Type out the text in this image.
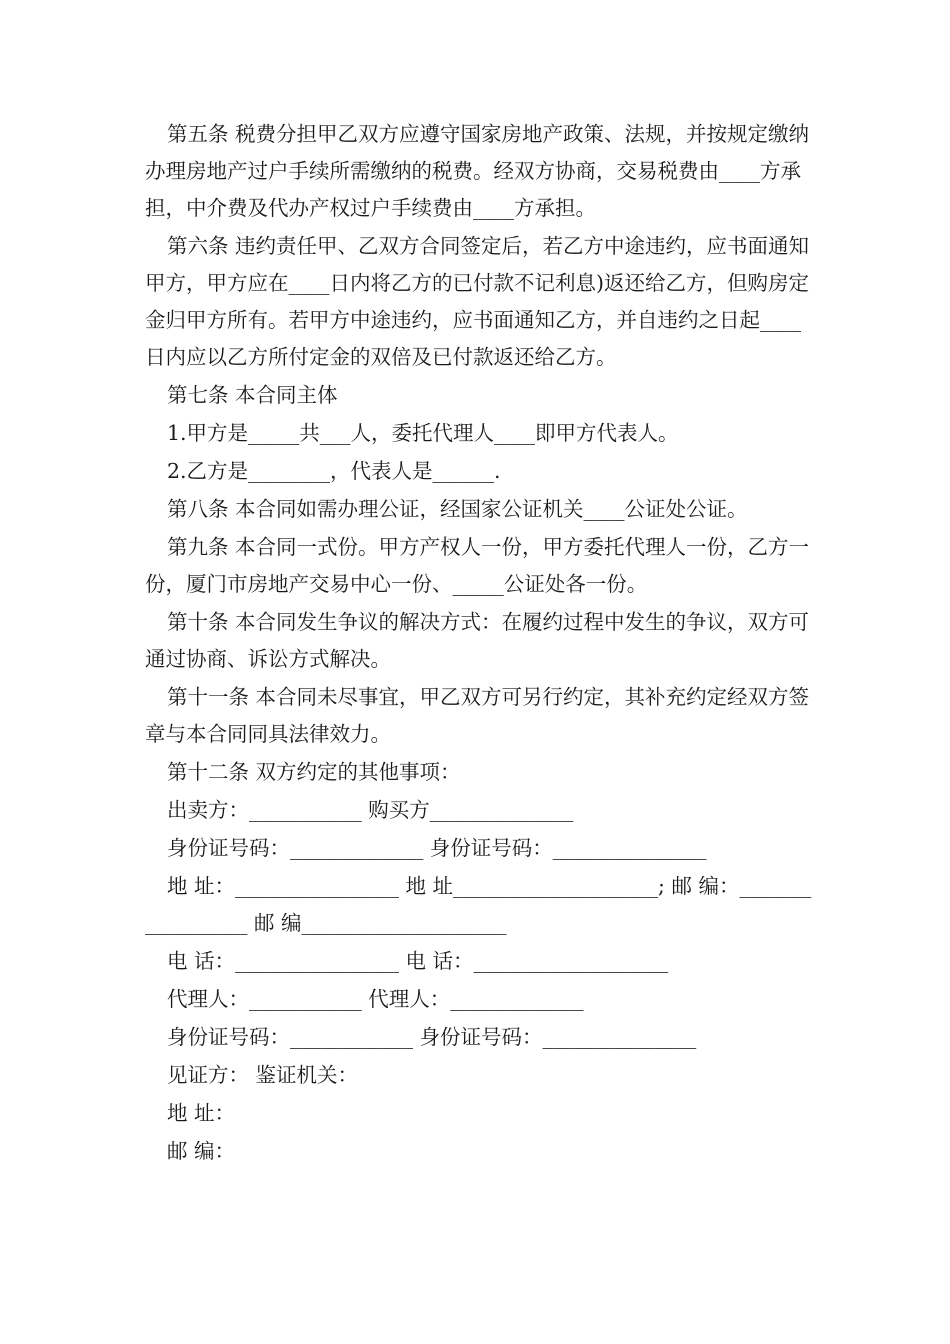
第五条 税费分担甲乙双方应遵守国家房地产政策、法规，并按规定缴纳办理房地产过户手续所需缴纳的税费。经双方协商，交易税费由____方承担，中介费及代办产权过户手续费由____方承担。

第六条 违约责任甲、乙双方合同签定后，若乙方中途违约，应书面通知甲方，甲方应在____日内将乙方的已付款不记利息)返还给乙方，但购房定金归甲方所有。若甲方中途违约，应书面通知乙方，并自违约之日起____日内应以乙方所付定金的双倍及已付款返还给乙方。

第七条 本合同主体

1.甲方是_____共___人，委托代理人____即甲方代表人。

2.乙方是________，代表人是______.

第八条 本合同如需办理公证，经国家公证机关____公证处公证。

第九条 本合同一式份。甲方产权人一份，甲方委托代理人一份，乙方一份，厦门市房地产交易中心一份、_____公证处各一份。

第十条 本合同发生争议的解决方式：在履约过程中发生的争议，双方可通过协商、诉讼方式解决。

第十一条 本合同未尽事宜，甲乙双方可另行约定，其补充约定经双方签章与本合同同具法律效力。

第十二条 双方约定的其他事项：

出卖方：___________ 购买方______________

身份证号码：_____________ 身份证号码：_______________

地 址：________________ 地 址____________________; 邮 编：_________________ 邮 编____________________

电 话：________________ 电 话：___________________

代理人：___________ 代理人：_____________

身份证号码：____________ 身份证号码：_______________

见证方： 鉴证机关：

地 址：

邮 编：
